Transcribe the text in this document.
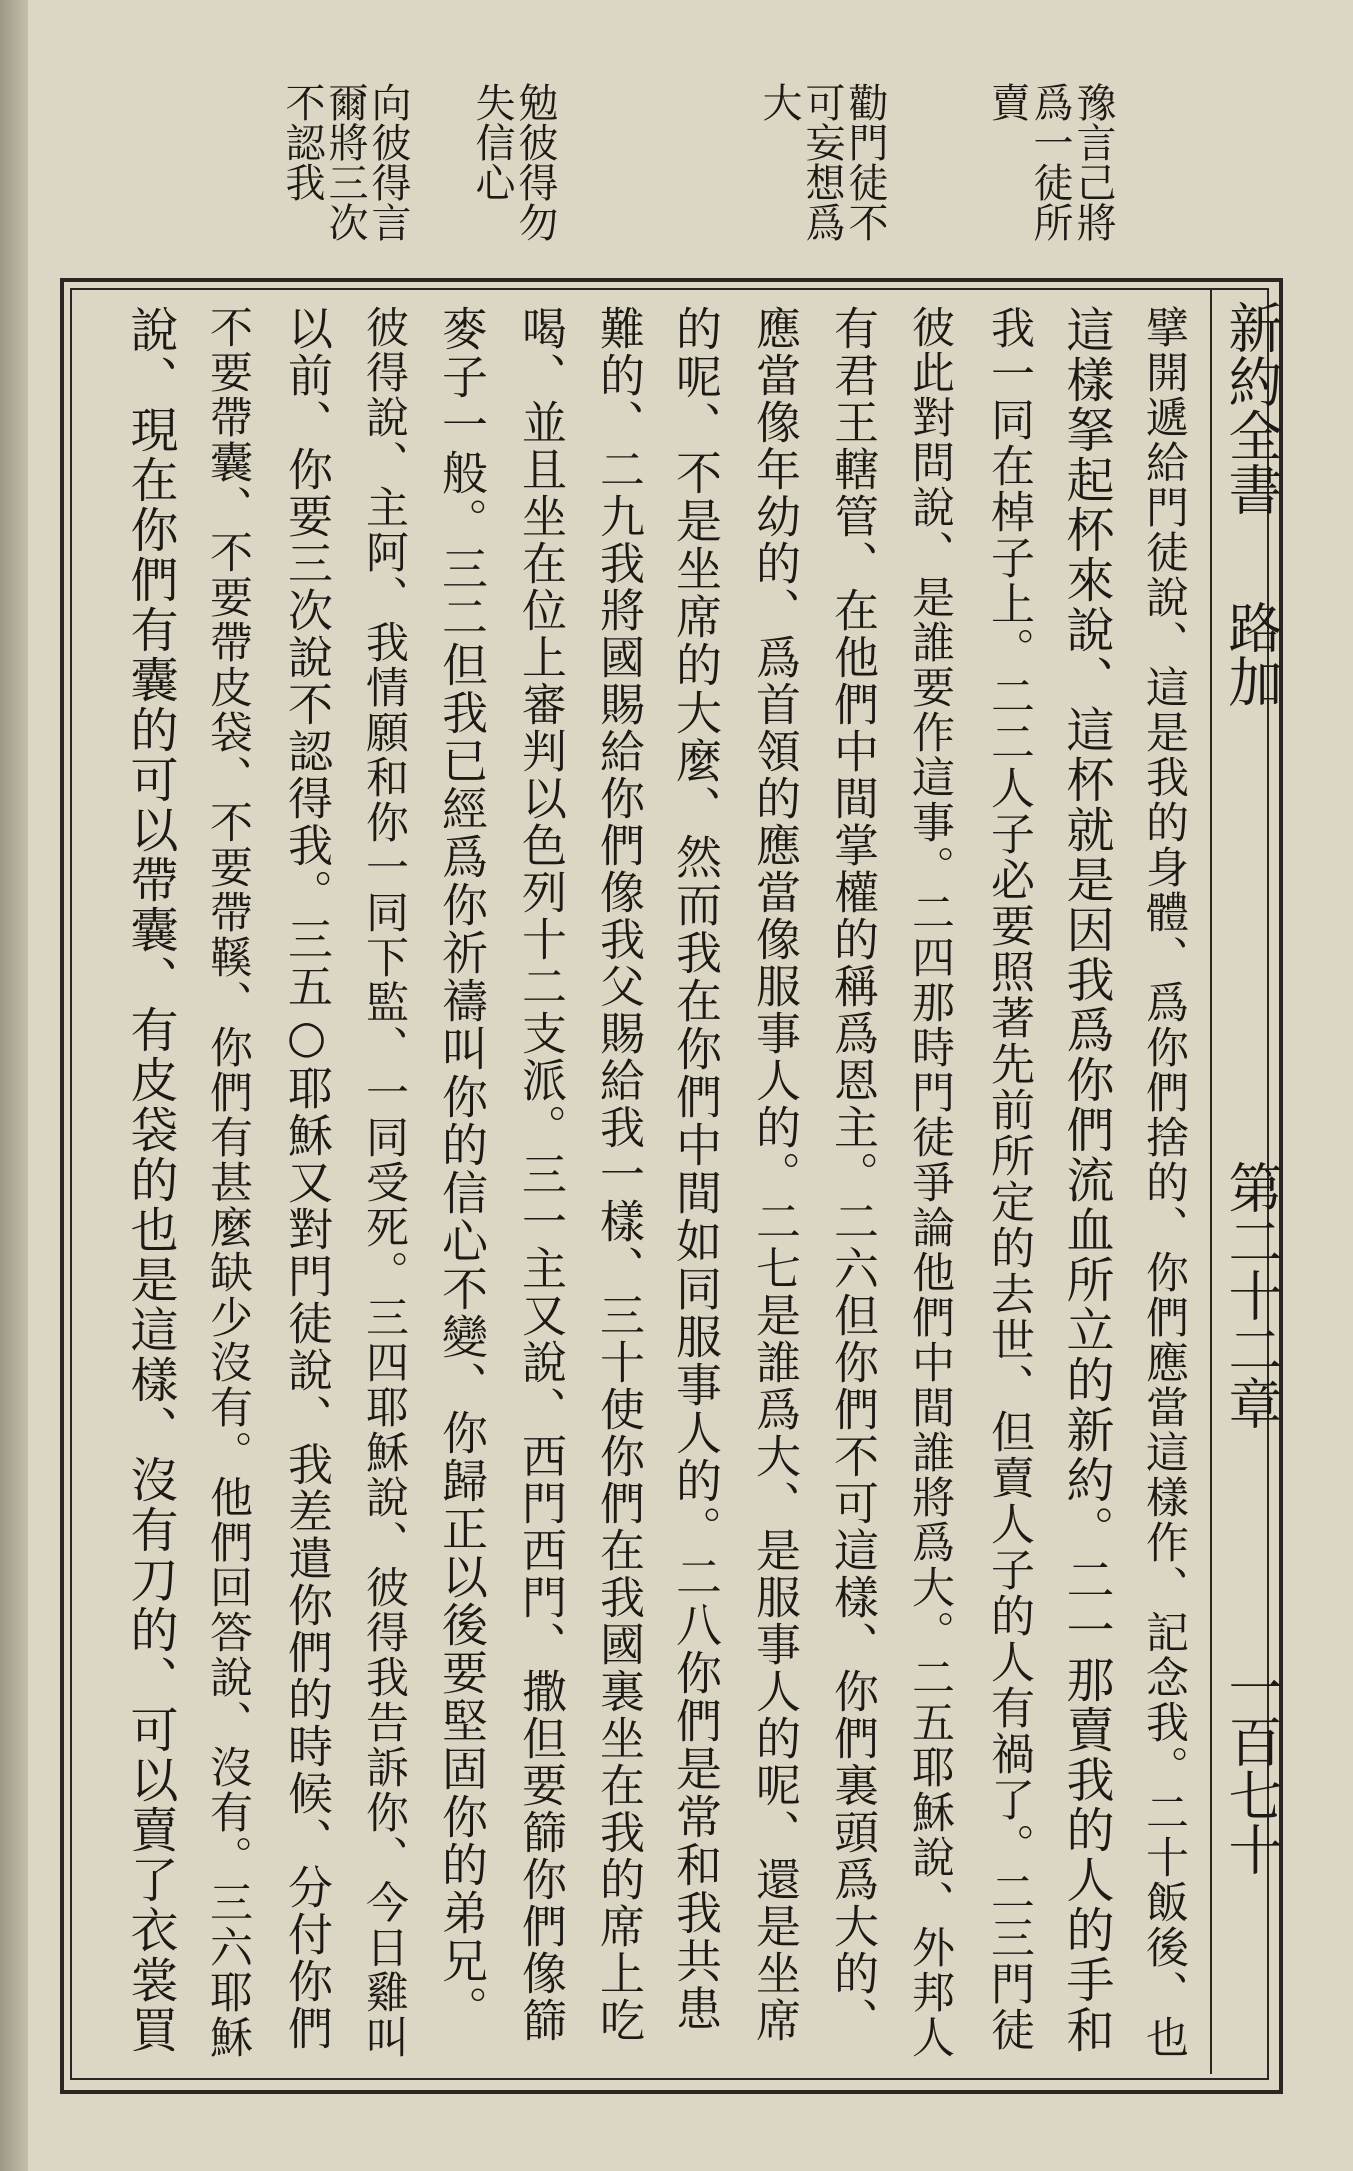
豫言己將
爲一徒所
賣
勸門徒不
可妄想爲
大
勉彼得勿
失信心
向彼得言
爾將三次
不認我
新約全書
路加
第二十二章
一百七十
擘開遞給門徒說、這是我的身體、爲你們捨的、你們應當這樣作、記念我。二十飯後、也
這樣拏起杯來說、這杯就是因我爲你們流血所立的新約。二一那賣我的人的手和
我一同在棹子上。二二人子必要照著先前所定的去世、但賣人子的人有禍了。二三門徒
彼此對問說、是誰要作這事。二四那時門徒爭論他們中間誰將爲大。二五耶穌說、外邦人
有君王轄管、在他們中間掌權的稱爲恩主。二六但你們不可這樣、你們裏頭爲大的、
應當像年幼的、爲首領的應當像服事人的。二七是誰爲大、是服事人的呢、還是坐席
的呢、不是坐席的大麼、然而我在你們中間如同服事人的。二八你們是常和我共患
難的、二九我將國賜給你們像我父賜給我一樣、三十使你們在我國裏坐在我的席上吃
喝、並且坐在位上審判以色列十二支派。三一主又說、西門西門、撒但要篩你們像篩
麥子一般。三二但我已經爲你祈禱叫你的信心不變、你歸正以後要堅固你的弟兄。
彼得說、主阿、我情願和你一同下監、一同受死。三四耶穌說、彼得我告訴你、今日雞叫
以前、你要三次說不認得我。三五○耶穌又對門徒說、我差遣你們的時候、分付你們
不要帶囊、不要帶皮袋、不要帶鞵、你們有甚麼缺少沒有。他們回答說、沒有。三六耶穌
說、現在你們有囊的可以帶囊、有皮袋的也是這樣、沒有刀的、可以賣了衣裳買
